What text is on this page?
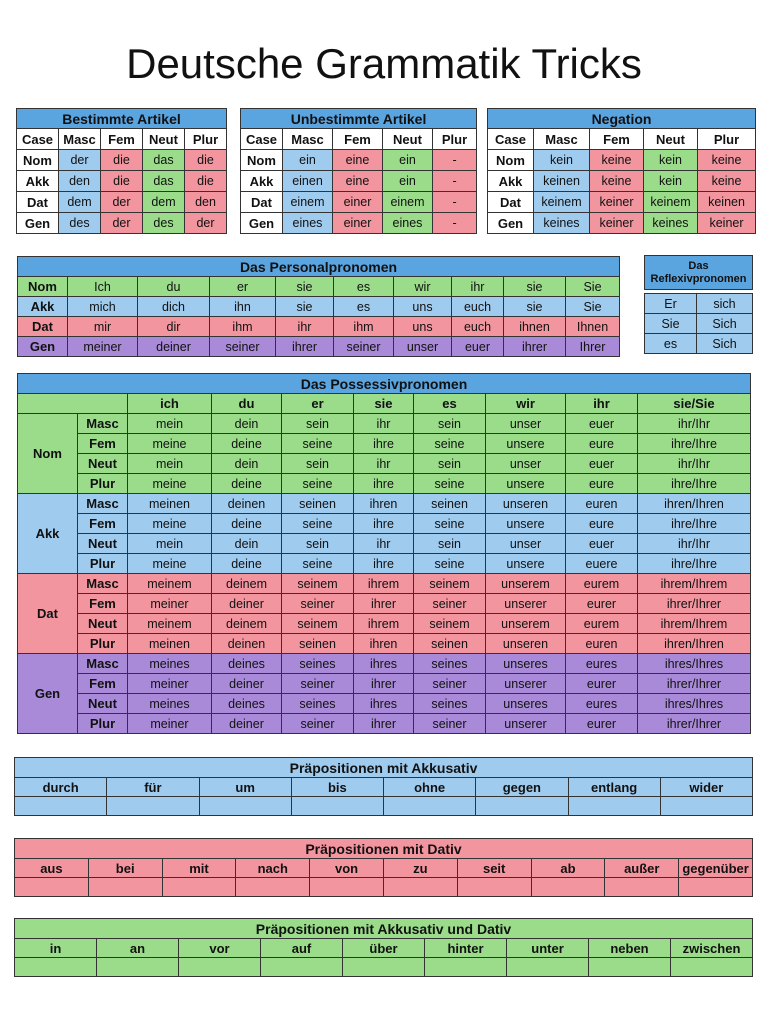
Deutsche Grammatik Tricks
Bestimmte Artikel				
Case	Masc	Fem	Neut	Plur
Nom	der	die	das	die
Akk	den	die	das	die
Dat	dem	der	dem	den
Gen	des	der	des	der
Unbestimmte Artikel				
Case	Masc	Fem	Neut	Plur
Nom	ein	eine	ein	-
Akk	einen	eine	ein	-
Dat	einem	einer	einem	-
Gen	eines	einer	eines	-
Negation				
Case	Masc	Fem	Neut	Plur
Nom	kein	keine	kein	keine
Akk	keinen	keine	kein	keine
Dat	keinem	keiner	keinem	keinen
Gen	keines	keiner	keines	keiner
Das Personalpronomen									
Nom	Ich	du	er	sie	es	wir	ihr	sie	Sie
Akk	mich	dich	ihn	sie	es	uns	euch	sie	Sie
Dat	mir	dir	ihm	ihr	ihm	uns	euch	ihnen	Ihnen
Gen	meiner	deiner	seiner	ihrer	seiner	unser	euer	ihrer	Ihrer
Das Reflexivpronomen	

Er	sich
Sie	Sich
es	Sich
Das Possessivpronomen									
		ich	du	er	sie	es	wir	ihr	sie/Sie
Nom	Masc	mein	dein	sein	ihr	sein	unser	euer	ihr/Ihr
	Fem	meine	deine	seine	ihre	seine	unsere	eure	ihre/Ihre
	Neut	mein	dein	sein	ihr	sein	unser	euer	ihr/Ihr
	Plur	meine	deine	seine	ihre	seine	unsere	eure	ihre/Ihre
Akk	Masc	meinen	deinen	seinen	ihren	seinen	unseren	euren	ihren/Ihren
	Fem	meine	deine	seine	ihre	seine	unsere	eure	ihre/Ihre
	Neut	mein	dein	sein	ihr	sein	unser	euer	ihr/Ihr
	Plur	meine	deine	seine	ihre	seine	unsere	euere	ihre/Ihre
Dat	Masc	meinem	deinem	seinem	ihrem	seinem	unserem	eurem	ihrem/Ihrem
	Fem	meiner	deiner	seiner	ihrer	seiner	unserer	eurer	ihrer/Ihrer
	Neut	meinem	deinem	seinem	ihrem	seinem	unserem	eurem	ihrem/Ihrem
	Plur	meinen	deinen	seinen	ihren	seinen	unseren	euren	ihren/Ihren
Gen	Masc	meines	deines	seines	ihres	seines	unseres	eures	ihres/Ihres
	Fem	meiner	deiner	seiner	ihrer	seiner	unserer	eurer	ihrer/Ihrer
	Neut	meines	deines	seines	ihres	seines	unseres	eures	ihres/Ihres
	Plur	meiner	deiner	seiner	ihrer	seiner	unserer	eurer	ihrer/Ihrer
Präpositionen mit Akkusativ							
durch	für	um	bis	ohne	gegen	entlang	wider

Präpositionen mit Dativ									
aus	bei	mit	nach	von	zu	seit	ab	außer	gegenüber

Präpositionen mit Akkusativ und Dativ								
in	an	vor	auf	über	hinter	unter	neben	zwischen
